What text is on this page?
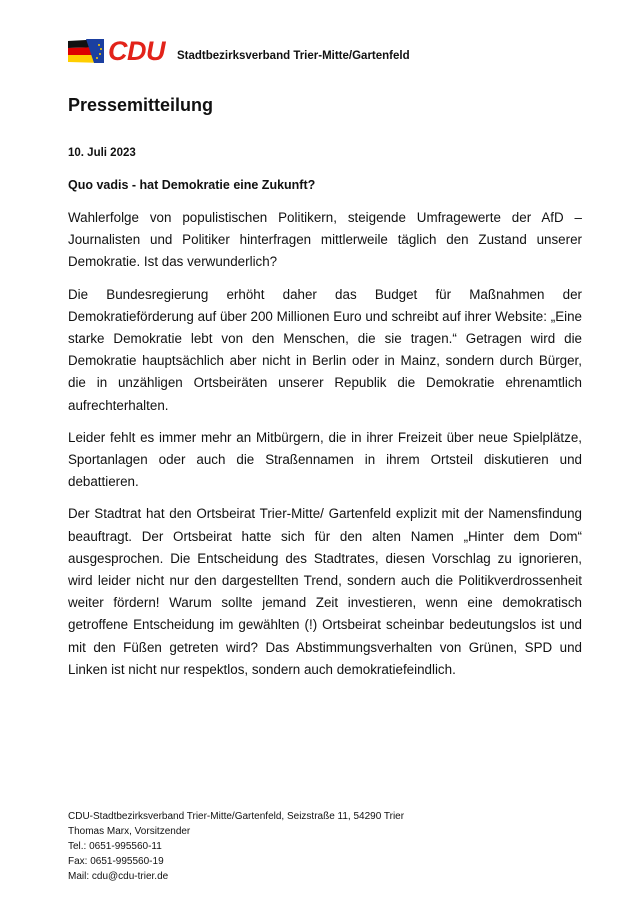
CDU Stadtbezirksverband Trier-Mitte/Gartenfeld
Pressemitteilung
10. Juli 2023
Quo vadis - hat Demokratie eine Zukunft?

Wahlerfolge von populistischen Politikern, steigende Umfragewerte der AfD – Journalisten und Politiker hinterfragen mittlerweile täglich den Zustand unserer Demokratie. Ist das verwunderlich?

Die Bundesregierung erhöht daher das Budget für Maßnahmen der Demokratieförderung auf über 200 Millionen Euro und schreibt auf ihrer Website: „Eine starke Demokratie lebt von den Menschen, die sie tragen.“ Getragen wird die Demokratie hauptsächlich aber nicht in Berlin oder in Mainz, sondern durch Bürger, die in unzähligen Ortsbeiräten unserer Republik die Demokratie ehrenamtlich aufrechterhalten.

Leider fehlt es immer mehr an Mitbürgern, die in ihrer Freizeit über neue Spielplätze, Sportanlagen oder auch die Straßennamen in ihrem Ortsteil diskutieren und debattieren.

Der Stadtrat hat den Ortsbeirat Trier-Mitte/ Gartenfeld explizit mit der Namensfindung beauftragt. Der Ortsbeirat hatte sich für den alten Namen „Hinter dem Dom“ ausgesprochen. Die Entscheidung des Stadtrates, diesen Vorschlag zu ignorieren, wird leider nicht nur den dargestellten Trend, sondern auch die Politikverdrossenheit weiter fördern! Warum sollte jemand Zeit investieren, wenn eine demokratisch getroffene Entscheidung im gewählten (!) Ortsbeirat scheinbar bedeutungslos ist und mit den Füßen getreten wird? Das Abstimmungsverhalten von Grünen, SPD und Linken ist nicht nur respektlos, sondern auch demokratiefeindlich.

CDU-Stadtbezirksverband Trier-Mitte/Gartenfeld, Seizstraße 11, 54290 Trier
Thomas Marx, Vorsitzender
Tel.: 0651-995560-11
Fax: 0651-995560-19
Mail: cdu@cdu-trier.de
